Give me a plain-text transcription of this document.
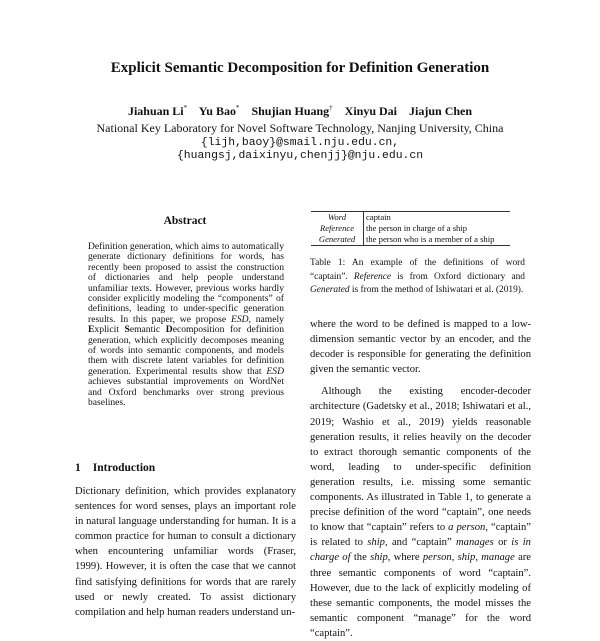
Explicit Semantic Decomposition for Definition Generation
Jiahuan Li* Yu Bao* Shujian Huang† Xinyu Dai Jiajun Chen
National Key Laboratory for Novel Software Technology, Nanjing University, China
{lijh,baoy}@smail.nju.edu.cn,
{huangsj,daixinyu,chenjj}@nju.edu.cn
Abstract
Definition generation, which aims to automatically generate dictionary definitions for words, has recently been proposed to assist the construction of dictionaries and help people understand unfamiliar texts. However, previous works hardly consider explicitly modeling the “components” of definitions, leading to under-specific generation results. In this paper, we propose ESD, namely Explicit Semantic Decomposition for definition generation, which explicitly decomposes meaning of words into semantic components, and models them with discrete latent variables for definition generation. Experimental results show that ESD achieves substantial improvements on WordNet and Oxford benchmarks over strong previous baselines.
1 Introduction
Dictionary definition, which provides explanatory sentences for word senses, plays an important role in natural language understanding for human. It is a common practice for human to consult a dictionary when encountering unfamiliar words (Fraser, 1999). However, it is often the case that we cannot find satisfying definitions for words that are rarely used or newly created. To assist dictionary compilation and help human readers understand un-
Word	captain
Reference	the person in charge of a ship
Generated	the person who is a member of a ship
Table 1: An example of the definitions of word “captain”. Reference is from Oxford dictionary and Generated is from the method of Ishiwatari et al. (2019).

where the word to be defined is mapped to a low-dimension semantic vector by an encoder, and the decoder is responsible for generating the definition given the semantic vector.

Although the existing encoder-decoder architecture (Gadetsky et al., 2018; Ishiwatari et al., 2019; Washio et al., 2019) yields reasonable generation results, it relies heavily on the decoder to extract thorough semantic components of the word, leading to under-specific definition generation results, i.e. missing some semantic components. As illustrated in Table 1, to generate a precise definition of the word “captain”, one needs to know that “captain” refers to a person, “captain” is related to ship, and “captain” manages or is in charge of the ship, where person, ship, manage are three semantic components of word “captain”. However, due to the lack of explicitly modeling of these semantic components, the model misses the semantic component “manage” for the word “captain”.
